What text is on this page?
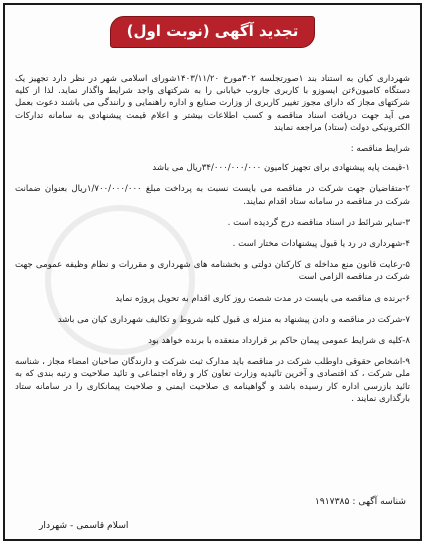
تجدید آگهی (نوبت اول)

شهرداری کیان به استناد بند ۱صورتجلسه ۳۰۲مورخ ۱۴۰۳/۱۱/۲۰شورای اسلامی شهر در نظر دارد تجهیز یک دستگاه کامیون۶تن ایسوزو با کاربری جاروب خیابانی را به شرکتهای واجد شرایط واگذار نماید. لذا از کلیه شرکتهای مجاز که دارای مجوز تغییر کاربری از وزارت صنایع و اداره راهنمایی و رانندگی می باشند دعوت بعمل می آید جهت دریافت اسناد مناقصه و کسب اطلاعات بیشتر و اعلام قیمت پیشنهادی به سامانه تدارکات الکترونیکی دولت (ستاد) مراجعه نمایند

شرایط مناقصه :

۱-قیمت پایه پیشنهادی برای تجهیز کامیون ۳۴/۰۰۰/۰۰۰/۰۰۰ریال می باشد

۲-متقاضیان جهت شرکت در مناقصه می بایست نسبت به پرداخت مبلغ ۱/۷۰۰/۰۰۰/۰۰۰ریال بعنوان ضمانت شرکت در مناقصه در سامانه ستاد اقدام نمایند.

۳-سایر شرائط در اسناد مناقصه درج گردیده است .

۴-شهرداری در رد یا قبول پیشنهادات مختار است .

۵-رعایت قانون منع مداخله ی کارکنان دولتی و بخشنامه های شهرداری و مقررات و نظام وظیفه عمومی جهت شرکت در مناقصه الزامی است

۶-برنده ی مناقصه می بایست در مدت شصت روز کاری اقدام به تحویل پروژه نماید

۷-شرکت در مناقصه و دادن پیشنهاد به منزله ی قبول کلیه شروط و تکالیف شهرداری کیان می باشد

۸-کلیه ی شرایط عمومی پیمان حاکم بر قرارداد منعقده با برنده خواهد بود

۹-اشخاص حقوقی داوطلب شرکت در مناقصه باید مدارک ثبت شرکت و دارندگان صاحبان امضاء مجاز ، شناسه ملی شرکت ، کد اقتصادی و آخرین تائیدیه وزارت تعاون کار و رفاه اجتماعی و تائید صلاحیت و رتبه بندی که به تائید بازرسی اداره کار رسیده باشد و گواهینامه ی صلاحیت ایمنی و صلاحیت پیمانکاری را در سامانه ستاد بارگذاری نمایند .

شناسه آگهی : ۱۹۱۷۳۸۵
اسلام قاسمی - شهردار
